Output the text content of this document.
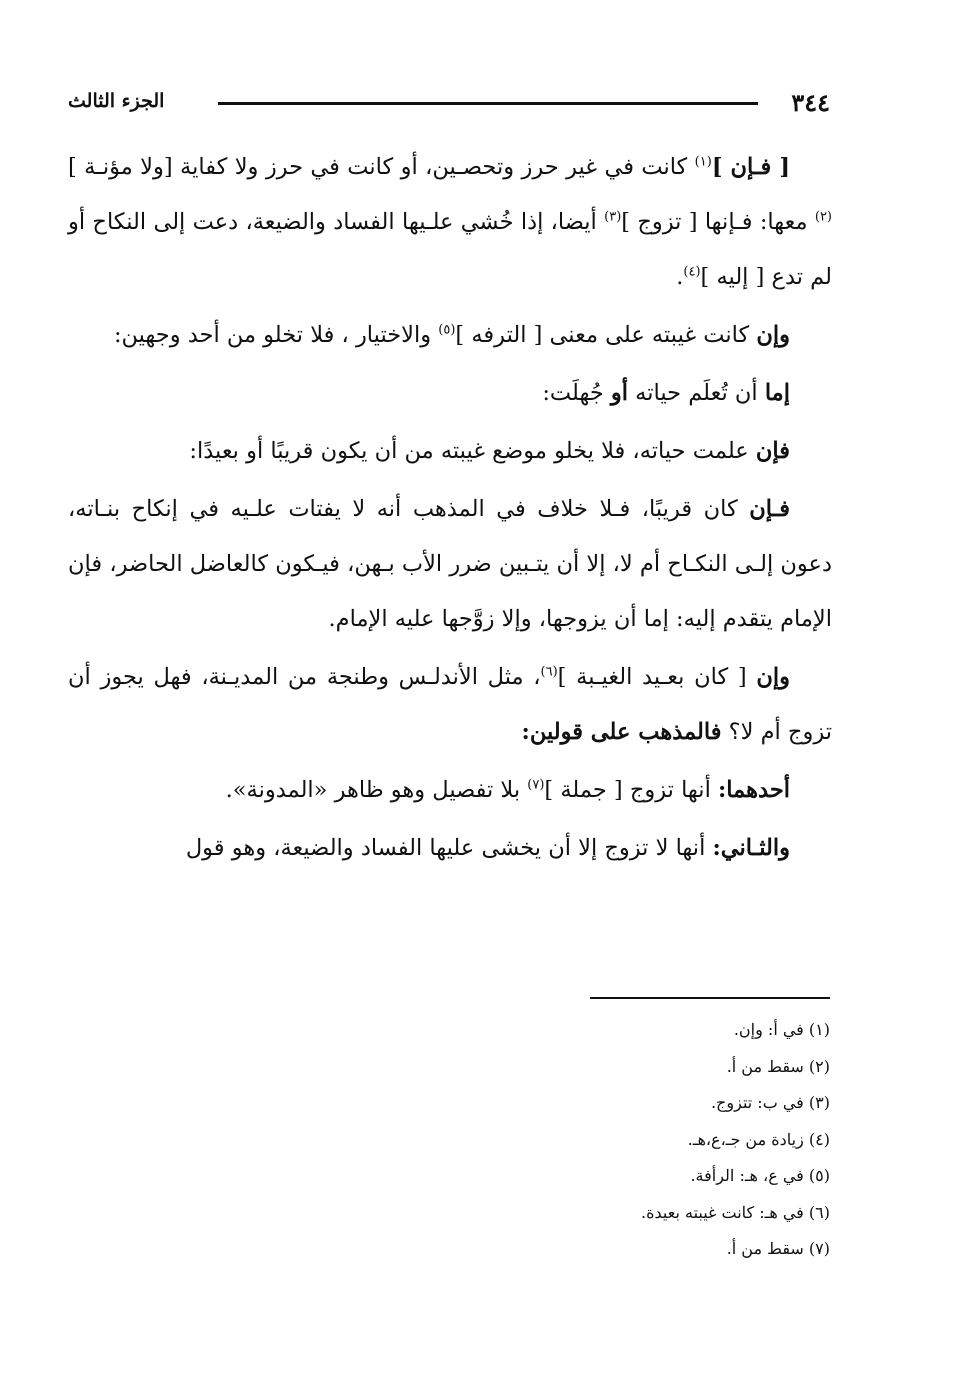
٣٤٤
الجزء الثالث

[ فـإن ]$^{(١)}$ كانت في غير حرز وتحصـين، أو كانت في حرز ولا كفاية [ولا مؤنـة ]$^{(٢)}$ معها: فـإنها [ تزوج ]$^{(٣)}$ أيضا، إذا خُشي علـيها الفساد والضيعة، دعت إلى النكاح أو لم تدع [ إليه ]$^{(٤)}$.

وإن كانت غيبته على معنى [ الترفه ]$^{(٥)}$ والاختيار ، فلا تخلو من أحد وجهين:

إما أن تُعلَم حياته أو جُهلَت:

فإن علمت حياته، فلا يخلو موضع غيبته من أن يكون قريبًا أو بعيدًا:

فـإن كان قريبًا، فـلا خلاف في المذهب أنه لا يفتات علـيه في إنكاح بنـاته، دعون إلـى النكـاح أم لا، إلا أن يتـبين ضرر الأب بـهن، فيـكون كالعاضل الحاضر، فإن الإمام يتقدم إليه: إما أن يزوجها، وإلا زوَّجها عليه الإمام.

وإن [ كان بعـيد الغيـبة ]$^{(٦)}$، مثل الأندلـس وطنجة من المديـنة، فهل يجوز أن تزوج أم لا؟ فالمذهب على قولين:

أحدهما: أنها تزوج [ جملة ]$^{(٧)}$ بلا تفصيل وهو ظاهر «المدونة».

والثـاني: أنها لا تزوج إلا أن يخشى عليها الفساد والضيعة، وهو قول

(١) في أ: وإن.
(٢) سقط من أ.
(٣) في ب: تتزوج.
(٤) زيادة من جـ،ع،هـ.
(٥) في ع، هـ: الرأفة.
(٦) في هـ: كانت غيبته بعيدة.
(٧) سقط من أ.
